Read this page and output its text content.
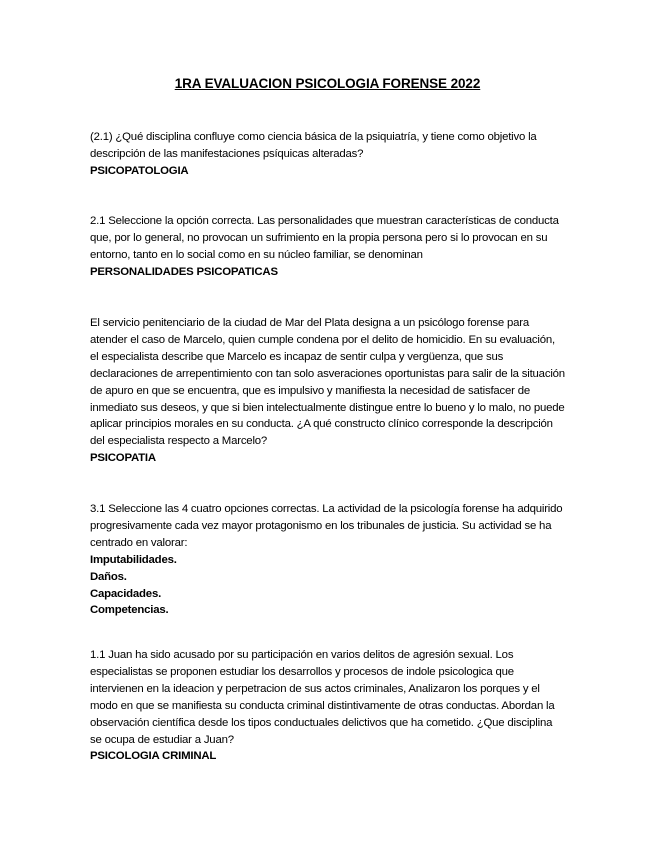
1RA EVALUACION PSICOLOGIA FORENSE 2022

(2.1) ¿Qué disciplina confluye como ciencia básica de la psiquiatría, y tiene como objetivo la descripción de las manifestaciones psíquicas alteradas?

PSICOPATOLOGIA

2.1 Seleccione la opción correcta. Las personalidades que muestran características de conducta que, por lo general, no provocan un sufrimiento en la propia persona pero si lo provocan en su entorno, tanto en lo social como en su núcleo familiar, se denominan

PERSONALIDADES PSICOPATICAS

El servicio penitenciario de la ciudad de Mar del Plata designa a un psicólogo forense para atender el caso de Marcelo, quien cumple condena por el delito de homicidio. En su evaluación, el especialista describe que Marcelo es incapaz de sentir culpa y vergüenza, que sus declaraciones de arrepentimiento con tan solo asveraciones oportunistas para salir de la situación de apuro en que se encuentra, que es impulsivo y manifiesta la necesidad de satisfacer de inmediato sus deseos, y que si bien intelectualmente distingue entre lo bueno y lo malo, no puede aplicar principios morales en su conducta. ¿A qué constructo clínico corresponde la descripción del especialista respecto a Marcelo?

PSICOPATIA

3.1 Seleccione las 4 cuatro opciones correctas. La actividad de la psicología forense ha adquirido progresivamente cada vez mayor protagonismo en los tribunales de justicia. Su actividad se ha centrado en valorar:

Imputabilidades.

Daños.

Capacidades.

Competencias.

1.1 Juan ha sido acusado por su participación en varios delitos de agresión sexual. Los especialistas se proponen estudiar los desarrollos y procesos de indole psicologica que intervienen en la ideacion y perpetracion de sus actos criminales, Analizaron los porques y el modo en que se manifiesta su conducta criminal distintivamente de otras conductas. Abordan la observación científica desde los tipos conductuales delictivos que ha cometido. ¿Que disciplina se ocupa de estudiar a Juan?

PSICOLOGIA CRIMINAL
